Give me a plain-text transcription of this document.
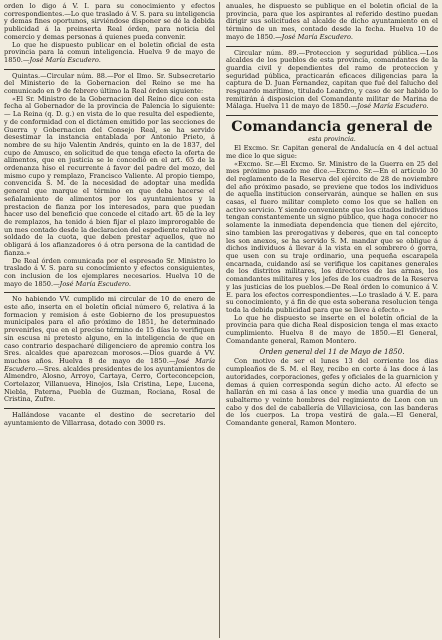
orden lo digo á V. I. para su conocimiento y efectos correspondientes.—Lo que traslado á V. S. para su inteligencia y demas fines oportunos, sirviéndose disponer se dé la debida publicidad á la preinserta Real órden, para noticia del comercio y demas personas á quienes pueda convenir.

Lo que he dispuesto publicar en el boletin oficial de esta provincia para la comun inteligencia. Huelva 9 de mayo de 1850.—José María Escudero.

Quintas.—Circular núm. 88.—Por el Ilmo. Sr. Subsecretario del Ministerio de la Gobernacion del Reino se me ha comunicado en 9 de febrero último la Real órden siguiente:

«El Sr. Ministro de la Gobernacion del Reino dice con esta fecha al Gobernador de la provincia de Palencia lo siguiente: — La Reina (q. D. g.) en vista de lo que resulta del espediente, y de conformidad con el dictámen emitido por las secciones de Guerra y Gobernacion del Consejo Real, se ha servido desestimar la instancia entablada por Antonio Prieto, á nombre de su hijo Valentin Andrés, quinto en la de 1837, del cupo de Amusco, en solicitud de que tenga efecto la oferta de alimentos, que en justicia se le concedió en el art. 65 de la ordenanza hiso el recurrente á favor del padre del mozo, del mismo cupo y remplazo, Francisco Valiente. Al propio tiempo, convencida S. M. de la necesidad de adoptar una medida general que marque el término en que deba hacerse el señalamiento de alimentos por los ayuntamientos y la prestacion de fianza por los interesados, para que puedan hacer uso del beneficio que concede el citado art. 65 de la ley de remplazos, ha tenido á bien fijar el plazo improrogable de un mes contado desde la declaracion del espediente relativo al soldado de la cuota, que deben prestar aquellos, que no obligará á los afianzadores ó á otra persona de la cantidad de fianza.»

De Real órden comunicada por el espresado Sr. Ministro lo traslado á V. S. para su conocimiento y efectos consiguientes, con inclusion de los ejemplares necesarios. Huelva 10 de mayo de 1850.—José María Escudero.

No habiendo VV. cumplido mi circular de 10 de enero de este año, inserta en el boletín oficial número 6, relativa á la formacion y remision á este Gobierno de los presupuestos municipales para el año próximo de 1851, he determinado prevenirles, que en el preciso término de 15 días lo verifiquen sin escusa ni pretesto alguno, en la inteligencia de que en caso contrario despacharé diligenciero de apremio contra los Sres. alcaldes que aparezcan morosos.—Dios guarde á VV. muchos años. Huelva 8 de mayo de 1850.—José María Escudero.—Sres. alcaldes presidentes de los ayuntamientos de Almendro, Alosno, Arroyo, Cartaya, Cerro, Corteconcepcion, Cortelazor, Villanueva, Hinojos, Isla Cristina, Lepe, Lucena, Niebla, Paterna, Puebla de Guzman, Rociana, Rosal de Cristina, Zufre.

Hallándose vacante el destino de secretario del ayuntamiento de Villarrasa, dotado con 3000 rs.

anuales, he dispuesto se publique en el boletin oficial de la provincia, para que los aspirantes al referido destino puedan dirigir sus solicitudes al alcalde de dicho ayuntamiento en el término de un mes, contado desde la fecha. Huelva 10 de mayo de 1850.—José María Escudero.

Circular núm. 89.—Proteccion y seguridad pública.—Los alcaldes de los pueblos de esta provincia, comandantes de la guardia civil y dependientes del ramo de proteccion y seguridad pública, practicarán eficaces diligencias para la captura de D. Juan Fernandez, capitan que fué del falucho del resguardo marítimo, titulado Leandro, y caso de ser habido lo remitirán á disposicion del Comandante militar de Marina de Málaga. Huelva 11 de mayo de 1850.—José María Escudero.

Comandancia general de
esta provincia.

El Excmo. Sr. Capitan general de Andalucía en 4 del actual me dice lo que sigue:

«Excmo. Sr.—El Excmo. Sr. Ministro de la Guerra en 25 del mes próximo pasado me dice.—Excmo. Sr.—En el artículo 30 del reglamento de la Reserva del ejército de 28 de noviembre del año próximo pasado, se previene que todos los individuos de aquella institucion conservarán, aunque se hallen en sus casas, el fuero militar completo como los que se hallen en activo servicio. Y siendo conveniente que los citados individuos tengan constantemente un signo público, que haga conocer no solamente la inmediata dependencia que tienen del ejército, sino tambien las prerogativas y deberes, que en tal concepto les son anexos, se ha servido S. M. mandar que se obligue á dichos individuos á llevar á la vista en el sombrero ó gorra, que usen con su traje ordinario, una pequeña escarapela encarnada, cuidando así se verifique los capitanes generales de los distritos militares, los directores de las armas, los comandantes militares y los jefes de los cuadros de la Reserva y las justicias de los pueblos.—De Real órden lo comunico á V. E. para los efectos correspondientes.—Lo traslado á V. E. para su conocimiento, y á fin de que esta soberana resolucion tenga toda la debida publicidad para que se lleve á efecto.»

Lo que he dispuesto se inserte en el boletín oficial de la provincia para que dicha Real disposicion tenga el mas exacto cumplimiento. Huelva 8 de mayo de 1850.—El General, Comandante general, Ramon Montero.

Orden general del 11 de Mayo de 1850.

Con motivo de ser el lunes 13 del corriente los dias cumpleaños de S. M. el Rey, recibo en corte á las doce á las autoridades, corporaciones, gefes y oficiales de la guarnicion y demas á quien corresponda según dicho acto. Al efecto se hallarán en mi casa á las once y media una guardia de un subalterno y veinte hombres del regimiento de Leon con un cabo y dos del de caballería de Villaviciosa, con las banderas de los cuerpos. La tropa vestirá de gala.—El General, Comandante general, Ramon Montero.
